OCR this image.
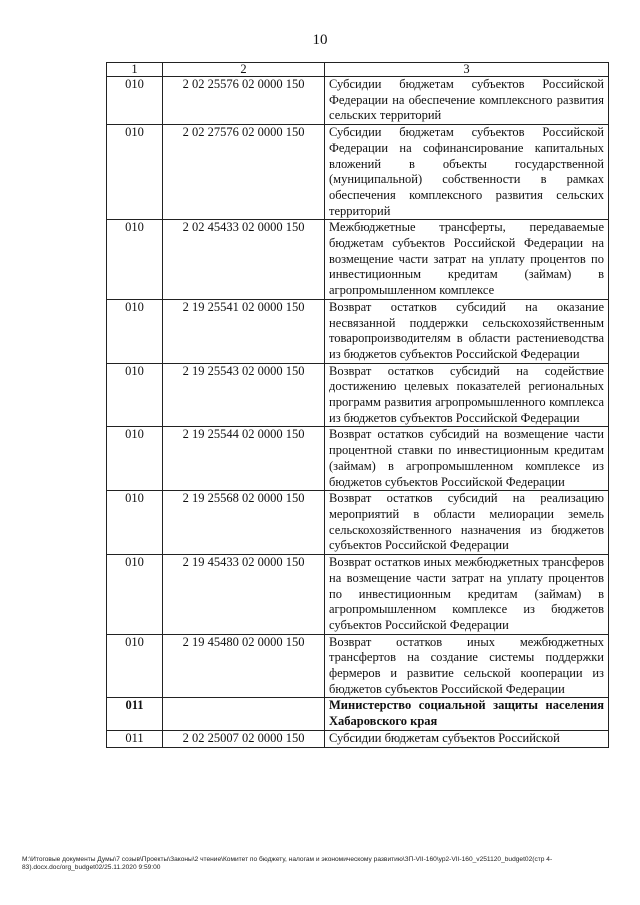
10
1	2	3
010	2 02 25576 02 0000 150	Субсидии бюджетам субъектов Российской Федерации на обеспечение комплексного развития сельских территорий
010	2 02 27576 02 0000 150	Субсидии бюджетам субъектов Российской Федерации на софинансирование капитальных вложений в объекты государственной (муниципальной) собственности в рамках обеспечения комплексного развития сельских территорий
010	2 02 45433 02 0000 150	Межбюджетные трансферты, передаваемые бюджетам субъектов Российской Федерации на возмещение части затрат на уплату процентов по инвестиционным кредитам (займам) в агропромышленном комплексе
010	2 19 25541 02 0000 150	Возврат остатков субсидий на оказание несвязанной поддержки сельскохозяйственным товаропроизводителям в области растениеводства из бюджетов субъектов Российской Федерации
010	2 19 25543 02 0000 150	Возврат остатков субсидий на содействие достижению целевых показателей региональных программ развития агропромышленного комплекса из бюджетов субъектов Российской Федерации
010	2 19 25544 02 0000 150	Возврат остатков субсидий на возмещение части процентной ставки по инвестиционным кредитам (займам) в агропромышленном комплексе из бюджетов субъектов Российской Федерации
010	2 19 25568 02 0000 150	Возврат остатков субсидий на реализацию мероприятий в области мелиорации земель сельскохозяйственного назначения из бюджетов субъектов Российской Федерации
010	2 19 45433 02 0000 150	Возврат остатков иных межбюджетных трансферов на возмещение части затрат на уплату процентов по инвестиционным кредитам (займам) в агропромышленном комплексе из бюджетов субъектов Российской Федерации
010	2 19 45480 02 0000 150	Возврат остатков иных межбюджетных трансфертов на создание системы поддержки фермеров и развитие сельской кооперации из бюджетов субъектов Российской Федерации
011		Министерство социальной защиты населения Хабаровского края
011	2 02 25007 02 0000 150	Субсидии бюджетам субъектов Российской
М:\Итоговые документы Думы\7 созыв\Проекты\Законы\2 чтение\Комитет по бюджету, налогам и экономическому развитию\ЗП-VII-160\ур2-VII-160_v251120_budget02(стр 4-83).docx.doc/org_budget02/25.11.2020 9:59:00
